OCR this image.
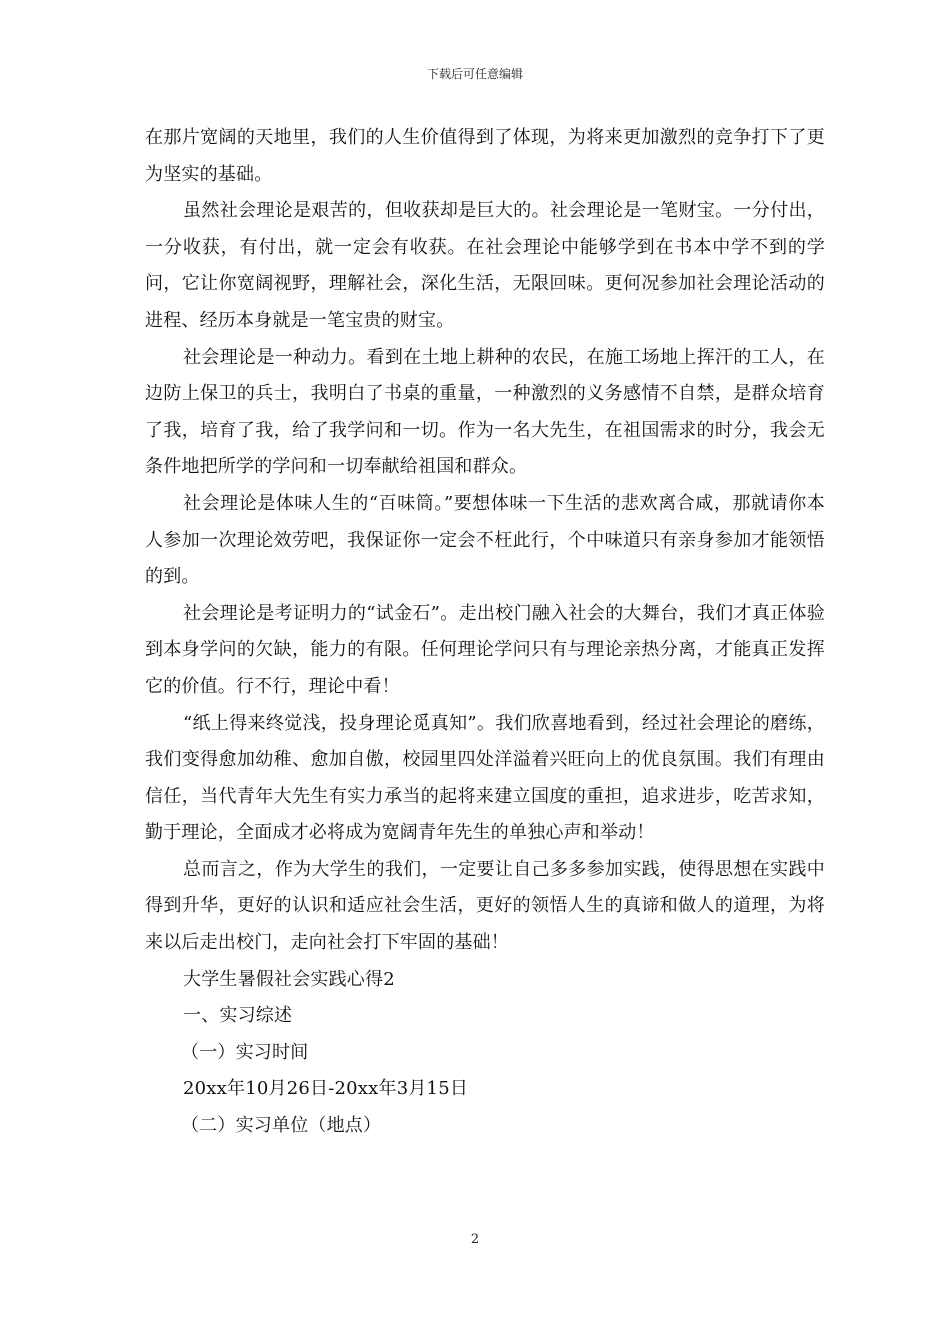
下载后可任意编辑

在那片宽阔的天地里，我们的人生价值得到了体现，为将来更加激烈的竞争打下了更为坚实的基础。

虽然社会理论是艰苦的，但收获却是巨大的。社会理论是一笔财宝。一分付出，一分收获，有付出，就一定会有收获。在社会理论中能够学到在书本中学不到的学问，它让你宽阔视野，理解社会，深化生活，无限回味。更何况参加社会理论活动的进程、经历本身就是一笔宝贵的财宝。

社会理论是一种动力。看到在土地上耕种的农民，在施工场地上挥汗的工人，在边防上保卫的兵士，我明白了书桌的重量，一种激烈的义务感情不自禁，是群众培育了我，培育了我，给了我学问和一切。作为一名大先生，在祖国需求的时分，我会无条件地把所学的学问和一切奉献给祖国和群众。

社会理论是体味人生的“百味筒。”要想体味一下生活的悲欢离合咸，那就请你本人参加一次理论效劳吧，我保证你一定会不枉此行，个中味道只有亲身参加才能领悟的到。

社会理论是考证明力的“试金石”。走出校门融入社会的大舞台，我们才真正体验到本身学问的欠缺，能力的有限。任何理论学问只有与理论亲热分离，才能真正发挥它的价值。行不行，理论中看！

“纸上得来终觉浅，投身理论觅真知”。我们欣喜地看到，经过社会理论的磨练，我们变得愈加幼稚、愈加自傲，校园里四处洋溢着兴旺向上的优良氛围。我们有理由信任，当代青年大先生有实力承当的起将来建立国度的重担，追求进步，吃苦求知，勤于理论，全面成才必将成为宽阔青年先生的单独心声和举动！

总而言之，作为大学生的我们，一定要让自己多多参加实践，使得思想在实践中得到升华，更好的认识和适应社会生活，更好的领悟人生的真谛和做人的道理，为将来以后走出校门，走向社会打下牢固的基础！

大学生暑假社会实践心得2

一、实习综述

（一）实习时间

20xx年10月26日-20xx年3月15日

（二）实习单位（地点）

2
